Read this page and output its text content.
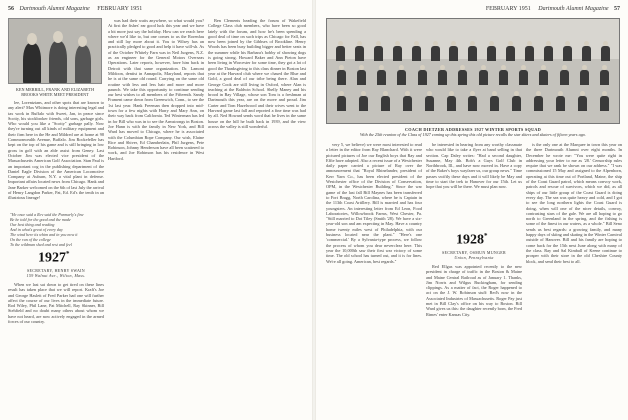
56 Dartmouth Alumni Magazine FEBRUARY 1951
KEN MERRILL, FRANK AND ELIZABETH
BROOKS WHITE MEET PRESIDENT

lee, Lorentzians, and other spots that are known to any alert? Max Whitmore is doing interesting legal and tax work in Buffalo with Sweet, Jan, in peace since Scotty, his stockbroker friends, old sons, garbage girls. Who would you like a "Scotty" garbage pally. Now they're turning out all kinds of military equipment and their firm here in the He and Mildred are at home at 98 Commonwealth Avenue, Buffalo. Jim Rockefeller has kept on the top of his game and is still bringing in low gross in golf with an able assist from Geney. Last October Jim was elected vice president of the Massachusetts American Golf Association. Stan Paul is an important cog in the publishing department of the Daniel Eagle Division of the American Locomotive Company at Auburn, N.Y. a vital plant in defense. Important affairs located news from Chicago. Hank and Jane Barker welcomed on the 6th of last July the arrival of Henry Langdon Parker, Pat, Ed. Ed's the tenth in an illustrious lineage!

"He once said a Rev said the Parmarly's fine
Be he told for the good and the made
Our best thing and reading
And in what's great of every day
The wind here its whim and in you now it
On the run of the college
To the wildman shed and rest and feel
1927*
SECRETARY, HENRY SWAIN
159 Walnut Ave., Wilton, Mass.

When we last sat down to get tired on these lines result has taken place that we will report. Kraft's Joe and George Haslett of Fred Parker had one will further affect the course of our lives in the immediate future. Rod Wiley, Phil Lane, Pat Mitchell, Ray Skinner, Bill Stehfield and no doubt many others about whom we have not heard, are now actively engaged in the armed forces of our country.

was had their waits anywhere, so what would you? At first the fishes' ear good luck this year and we have a bit more just say the holiday. How can we reach here where we'd like to, but one comes to us the Rorenfau and still lay more about it. You to Wilsey has an practically pledged to good and help it have will-sh. As of the October Whitely Farn was in Neil Jurgens, N.Z. as an engineer for the General Motors Overseas Operations. Later reports, however, have him back in Detroit with that same organization. Dr. Lamont Mildoon, dentist in Annapolis, Maryland, reports that he is at the same old round. Carrying on the same old routine with less and less hair and more and more paunch. We take this opportunity to continue sending our best wishes to all members of the Fifteenth. Sandy Frament came down from Greenwich, Conn., to see the 1st last year. Hank Freeman then dropped into mid-town for a few nights with Harry and Mary Ann, on their way back from California. Ted Winterman has led in for Bill who was in to see the Armstrongs in Boston. Joe Hann is with the family in New York, and Bill Ward has moved to Chicago, where he is associated with the Columbian Rope Company. Our wish, Elaine Rice and Shiver, Ed Chamberlain, Phil Jurgens, Pete Robinson, Johnny Henderson have all been scattered to work, and Joe Robinson has his residence in West Hartford.

Ben Clements heading the forum of Wakefield College Class club members, who have been so good lately with the forum, and how he's been spending a good deal of time on such trips as Chicago for Fall, has now been joined by the Gibbses of Brookline. Henry Woods has been busy building bigger and better seats in the summer while his Barbara's hobby of showing dogs is going strong. Howard Baker and Ann Pieton have been living in Worcester for some time, they got a lot of good the Thanksgiving to this class dinner in Boston last year at the Harvard club where we chased the Blue and Gold, a good deal of our tribe being there. Alan and George Cook are still living in Oxford, where Alan is teaching at the Baldwin School. Shelly Maney and his brood in Bay Village, whose son Tom is a freshman at Dartmouth this year, are on the move and proud. Jim Carter and Tom Hazelwood and their wives went to the Harvard game last fall and reported a fine time was had by all. Ned Howard sends word that he lives in the same house on the hill he built back in 1939, and the view across the valley is still wonderful.

FEBRUARY 1951 Dartmouth Alumni Magazine 57
COACH DIETZER ADDRESSES 1927 WINTER SPORTS SQUAD
With the 25th reunion of the Class of 1927 coming up this spring this old picture recalls the star skiers and skaters of fifteen years ago.

very 5, we believe) we were most interested to read a letter in the editor from Ray Blanchard. With it were pictured pictures of Joe our English boys that Ray and Effie have adopted. Also a recent issue of a Westchester daily paper carried a picture of Ray over the announcement that "Royal Rhinelander, president of Kerr Yarn Co., has been elected president of the Westchester office of the Division of Conservation, OPM, in the Westchester Building." Since the war game of the last fall Bill Maynes has been transferred to Fort Bragg, North Carolina, where he is Captain in the 113th Coast Artillery. Bill is married and has four youngsters. An interesting letter from Ed Leon, Food Laboratories, Willowbrook Farms, West Chester, Pa. "Still married to Dot Tiley (Smith '28). We have a six-year-old son and am expecting in May. Have a country home twenty miles west of Philadelphia, with our business located near the plant." "Here's one 'commercial.' By a Sylvania-type process, we follow the process of whom you dear neverclear here. This year the 10,000th saw their first war victory of some time. The old school has turned out, and it is for lines. We're all going. American, best regards."

be interested in hearing from any worthy classmate who would like to take a flyer at band selling in that section. Cap Daley writes: "Had a second daughter, Susanne, May 4th. Bob's a Guys Golf Club in Northbrook, Ill., and have now moved in. Have a copy of the Baker's boys wayfarer us, our group news." Time passes swiftly these days and it will likely be May and time to start the trek to Hanover for our 15th. Let us hope that you will be there. We must plan now.

1928*
SECRETARY, OSMUN MUNGER
Union, Pennsylvania

Red Ellgas was appointed recently to the new president in charge of traffic in the Boston & Maine and Maine Central Railroad as of January 1. Thanks, Jim Norris and Wilgus Buckingham, for sending clippings. As a matter of fact, the Roger happened to act on the J. W. Robinson stuff: Red's now in the Associated Industries of Massachusetts. Roger Pay just met in Bill Clay's office on his way to Boston. Bill Ward gives us this: the daughter recently born, the Fred Rimes' enter Kansas City.

is the only one at the Marquee in town this year on the three Dartmouth Alumni over eight months. In December he wrote me: "You were quite right in addressing your letter to me as '28.' Censorship rules require that we rank be shown on our address." "I was commissioned 15 May and assigned to the Alpenhorn, operating at this time out of Portland, Maine, the ship of the Coast Guard patrol, which means convoy work, patrols and rescue of survivors, which we did, as all ships of our little group of the Coast Guard is doing every day. The sea was quite heavy and cold, and I got to see the long northern lights the Coast Guard is doing, when will one of the nicer details, convoy, contrasting stars of the gale. We are all hoping to go north to Greenland in the spring, and the fishing is some of the finest in our waters, as a whole." Bill Seno sends us best regards: a growing family, and many happy days of skiing and skating in the Winter Carnival outside of Hanover. Bill and his family are hoping to come back for the 15th next June along with many of the class. Ray and Sal Kimball of Keene continue to prosper with their store in the old Cheshire County block, and send their best to all.
